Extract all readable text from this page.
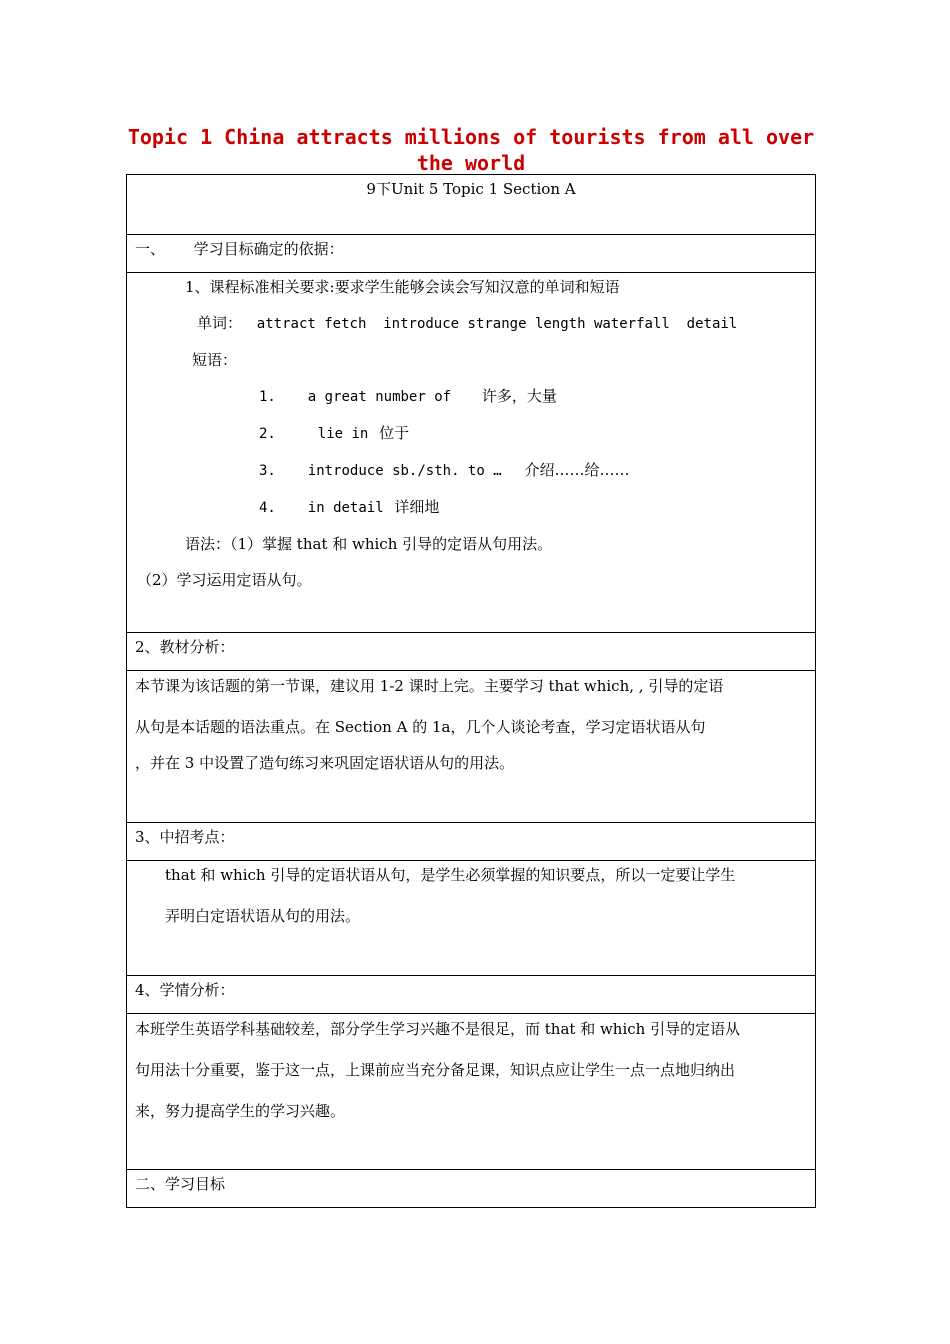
Topic 1 China attracts millions of tourists from all over the world
9下Unit 5 Topic 1 Section A

一、      学习目标确定的依据：

1、课程标准相关要求:要求学生能够会读会写知汉意的单词和短语
单词： attract fetch  introduce strange length waterfall  detail
短语：
1. a great number of 许多，大量
2.	lie in 位于
3. introduce sb./sth. to … 介绍……给……
4. in detail 详细地
语法：（1）掌握 that 和 which 引导的定语从句用法。
（2）学习运用定语从句。

2、教材分析：

本节课为该话题的第一节课，建议用 1-2 课时上完。主要学习 that which, , 引导的定语
从句是本话题的语法重点。在 Section A 的 1a，几个人谈论考查，学习定语状语从句
，并在 3 中设置了造句练习来巩固定语状语从句的用法。

3、中招考点：

that 和 which 引导的定语状语从句，是学生必须掌握的知识要点，所以一定要让学生
弄明白定语状语从句的用法。

4、学情分析：

本班学生英语学科基础较差，部分学生学习兴趣不是很足，而 that 和 which 引导的定语从
句用法十分重要，鉴于这一点，上课前应当充分备足课，知识点应让学生一点一点地归纳出
来，努力提高学生的学习兴趣。

二、学习目标
